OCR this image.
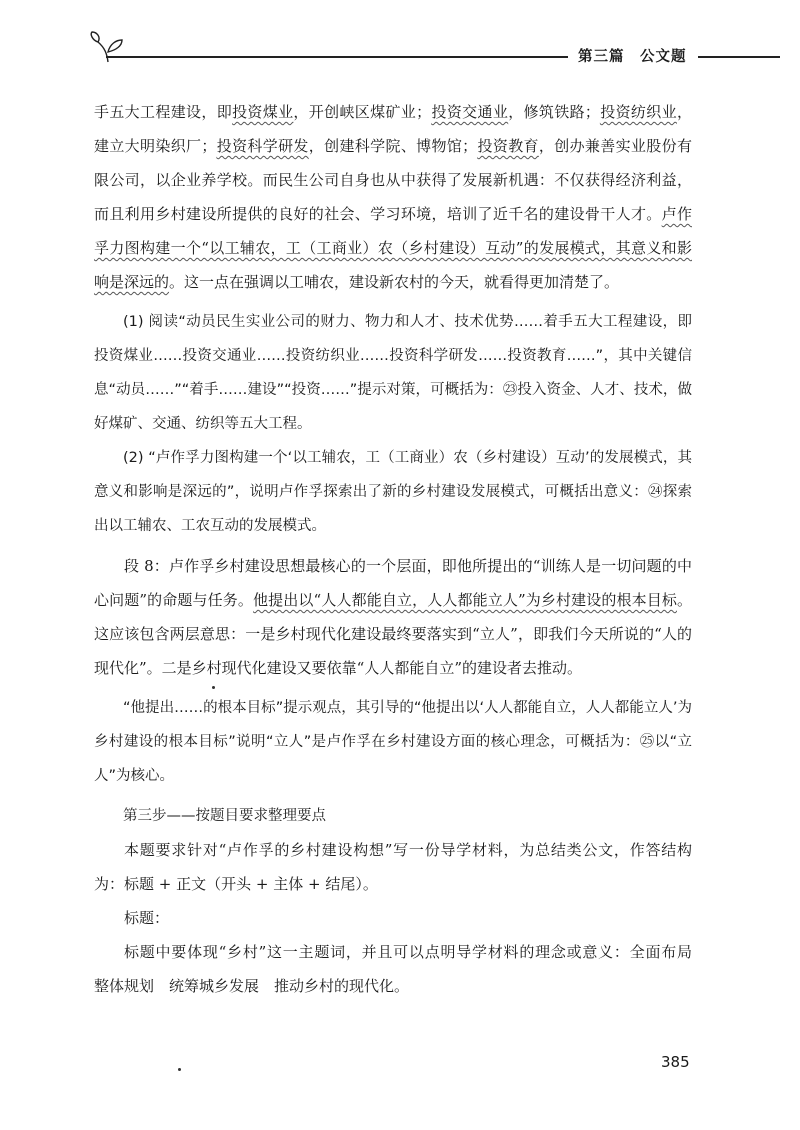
第三篇　公文题

手五大工程建设，即投资煤业，开创峡区煤矿业；投资交通业，修筑铁路；投资纺织业，建立大明染织厂；投资科学研发，创建科学院、博物馆；投资教育，创办兼善实业股份有限公司，以企业养学校。而民生公司自身也从中获得了发展新机遇：不仅获得经济利益，而且利用乡村建设所提供的良好的社会、学习环境，培训了近千名的建设骨干人才。卢作孚力图构建一个“以工辅农，工（工商业）农（乡村建设）互动”的发展模式，其意义和影响是深远的。这一点在强调以工哺农，建设新农村的今天，就看得更加清楚了。

(1) 阅读“动员民生实业公司的财力、物力和人才、技术优势……着手五大工程建设，即投资煤业……投资交通业……投资纺织业……投资科学研发……投资教育……”，其中关键信息“动员……”“着手……建设”“投资……”提示对策，可概括为：㉓投入资金、人才、技术，做好煤矿、交通、纺织等五大工程。

(2) “卢作孚力图构建一个‘以工辅农，工（工商业）农（乡村建设）互动’的发展模式，其意义和影响是深远的”，说明卢作孚探索出了新的乡村建设发展模式，可概括出意义：㉔探索出以工辅农、工农互动的发展模式。

段 8：卢作孚乡村建设思想最核心的一个层面，即他所提出的“训练人是一切问题的中心问题”的命题与任务。他提出以“人人都能自立，人人都能立人”为乡村建设的根本目标。这应该包含两层意思：一是乡村现代化建设最终要落实到“立人”，即我们今天所说的“人的现代化”。二是乡村现代化建设又要依靠“人人都能自立”的建设者去推动。

“他提出……的根本目标”提示观点，其引导的“他提出以‘人人都能自立，人人都能立人’为乡村建设的根本目标”说明“立人”是卢作孚在乡村建设方面的核心理念，可概括为：㉕以“立人”为核心。

第三步——按题目要求整理要点

本题要求针对“卢作孚的乡村建设构想”写一份导学材料，为总结类公文，作答结构为：标题 + 正文（开头 + 主体 + 结尾）。

标题：

标题中要体现“乡村”这一主题词，并且可以点明导学材料的理念或意义：全面布局　整体规划　统筹城乡发展　推动乡村的现代化。

385
